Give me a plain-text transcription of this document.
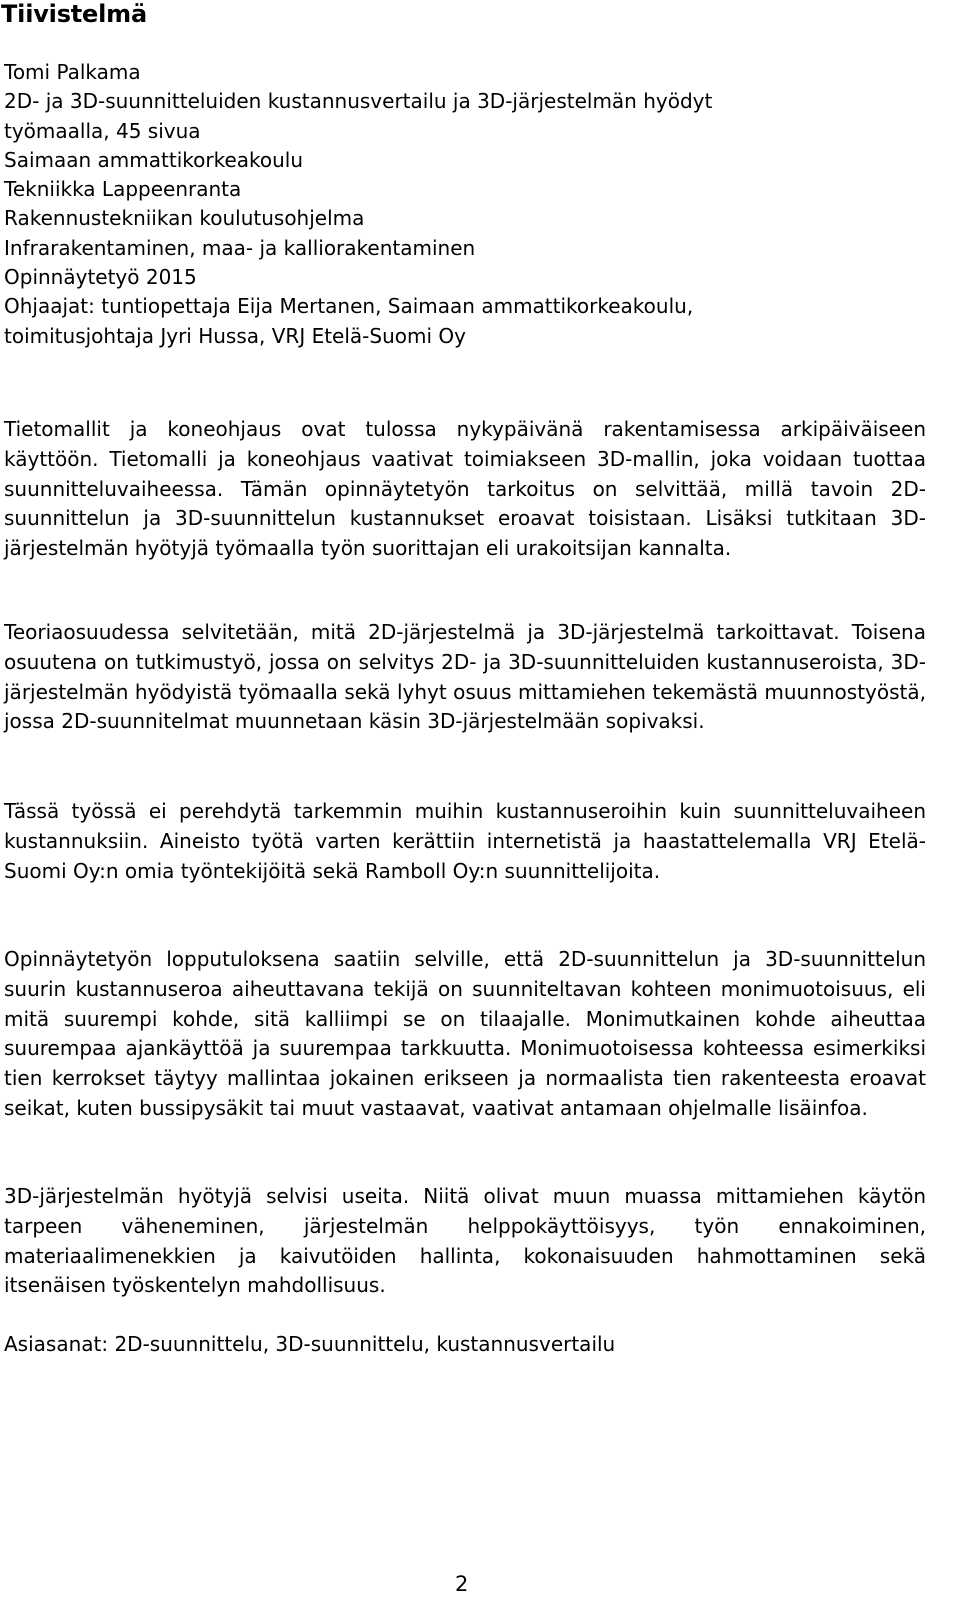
Tiivistelmä
Tomi Palkama
2D- ja 3D-suunnitteluiden kustannusvertailu ja 3D-järjestelmän hyödyt
työmaalla, 45 sivua
Saimaan ammattikorkeakoulu
Tekniikka Lappeenranta
Rakennustekniikan koulutusohjelma
Infrarakentaminen, maa- ja kalliorakentaminen
Opinnäytetyö 2015
Ohjaajat: tuntiopettaja Eija Mertanen, Saimaan ammattikorkeakoulu,
toimitusjohtaja Jyri Hussa, VRJ Etelä-Suomi Oy

Tietomallit ja koneohjaus ovat tulossa nykypäivänä rakentamisessa arkipäiväiseen käyttöön. Tietomalli ja koneohjaus vaativat toimiakseen 3D-mallin, joka voidaan tuottaa suunnitteluvaiheessa. Tämän opinnäytetyön tarkoitus on selvittää, millä tavoin 2D-suunnittelun ja 3D-suunnittelun kustannukset eroavat toisistaan. Lisäksi tutkitaan 3D-järjestelmän hyötyjä työmaalla työn suorittajan eli urakoitsijan kannalta.

Teoriaosuudessa selvitetään, mitä 2D-järjestelmä ja 3D-järjestelmä tarkoittavat. Toisena osuutena on tutkimustyö, jossa on selvitys 2D- ja 3D-suunnitteluiden kustannuseroista, 3D-järjestelmän hyödyistä työmaalla sekä lyhyt osuus mittamiehen tekemästä muunnostyöstä, jossa 2D-suunnitelmat muunnetaan käsin 3D-järjestelmään sopivaksi.

Tässä työssä ei perehdytä tarkemmin muihin kustannuseroihin kuin suunnitteluvaiheen kustannuksiin. Aineisto työtä varten kerättiin internetistä ja haastattelemalla VRJ Etelä-Suomi Oy:n omia työntekijöitä sekä Ramboll Oy:n suunnittelijoita.

Opinnäytetyön lopputuloksena saatiin selville, että 2D-suunnittelun ja 3D-suunnittelun suurin kustannuseroa aiheuttavana tekijä on suunniteltavan kohteen monimuotoisuus, eli mitä suurempi kohde, sitä kalliimpi se on tilaajalle. Monimutkainen kohde aiheuttaa suurempaa ajankäyttöä ja suurempaa tarkkuutta. Monimuotoisessa kohteessa esimerkiksi tien kerrokset täytyy mallintaa jokainen erikseen ja normaalista tien rakenteesta eroavat seikat, kuten bussipysäkit tai muut vastaavat, vaativat antamaan ohjelmalle lisäinfoa.

3D-järjestelmän hyötyjä selvisi useita. Niitä olivat muun muassa mittamiehen käytön tarpeen väheneminen, järjestelmän helppokäyttöisyys, työn ennakoiminen, materiaalimenekkien ja kaivutöiden hallinta, kokonaisuuden hahmottaminen sekä itsenäisen työskentelyn mahdollisuus.

Asiasanat: 2D-suunnittelu, 3D-suunnittelu, kustannusvertailu

2
